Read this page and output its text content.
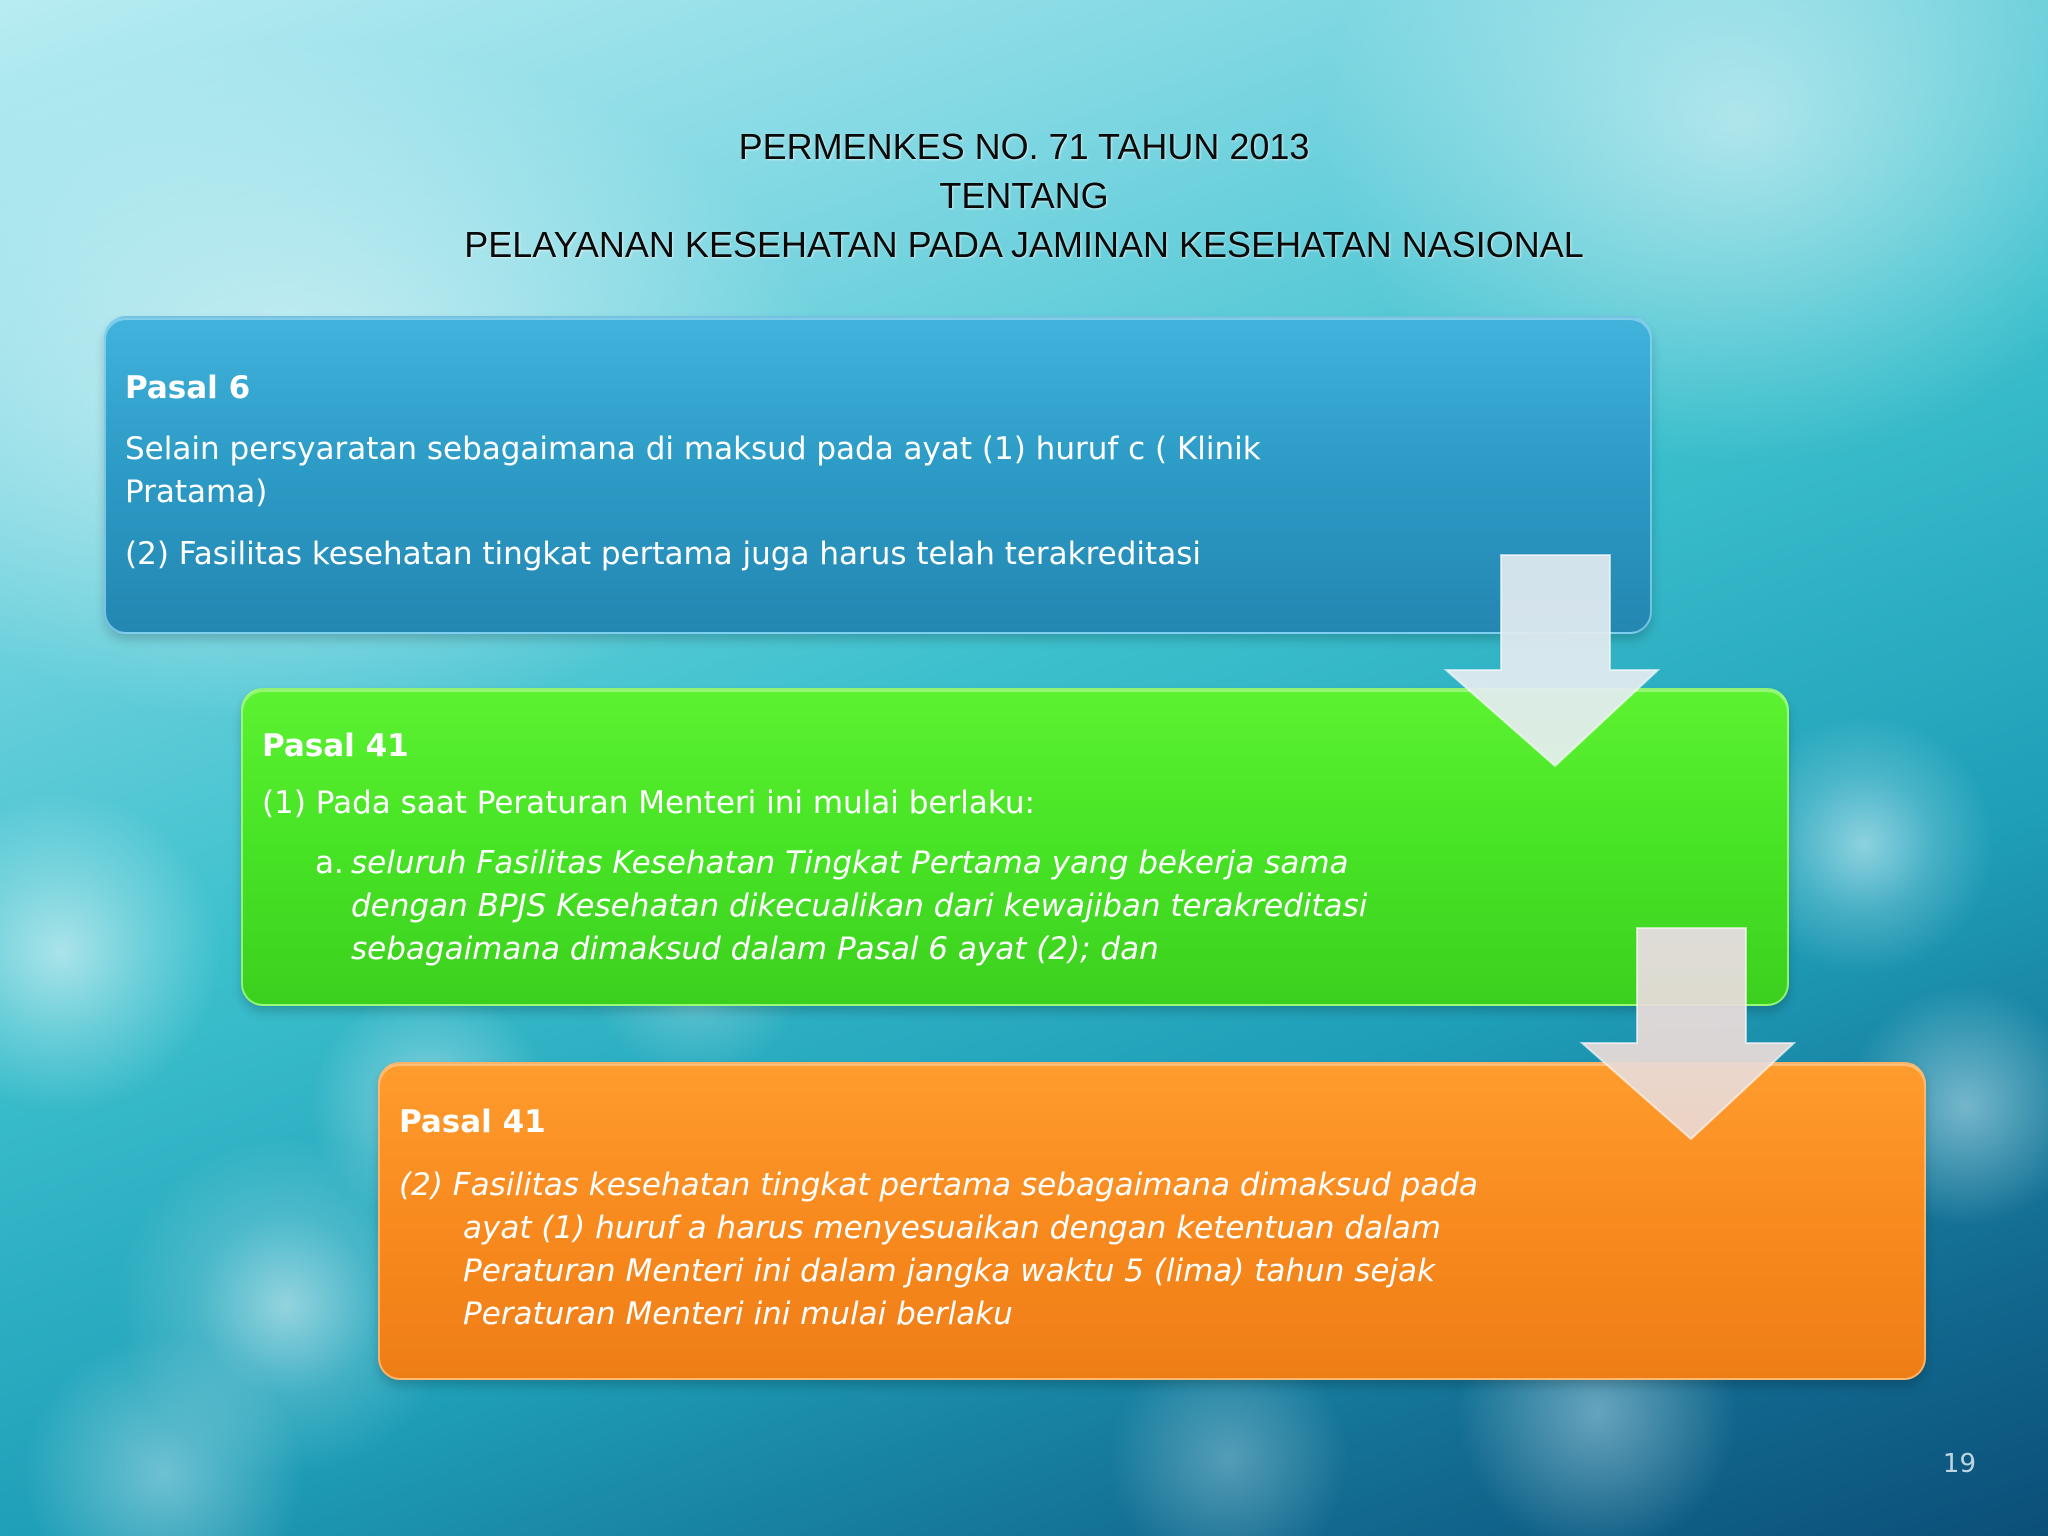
PERMENKES NO. 71 TAHUN 2013
TENTANG
PELAYANAN KESEHATAN PADA JAMINAN KESEHATAN NASIONAL
Pasal 6
Selain persyaratan sebagaimana di maksud pada ayat (1) huruf c ( Klinik
Pratama)
(2) Fasilitas kesehatan tingkat pertama juga harus telah terakreditasi
Pasal 41
(1) Pada saat Peraturan Menteri ini mulai berlaku:
a. seluruh Fasilitas Kesehatan Tingkat Pertama yang bekerja sama
dengan BPJS Kesehatan dikecualikan dari kewajiban terakreditasi
sebagaimana dimaksud dalam Pasal 6 ayat (2); dan
Pasal 41
(2) Fasilitas kesehatan tingkat pertama sebagaimana dimaksud pada
ayat (1) huruf a harus menyesuaikan dengan ketentuan dalam
Peraturan Menteri ini dalam jangka waktu 5 (lima) tahun sejak
Peraturan Menteri ini mulai berlaku
19
